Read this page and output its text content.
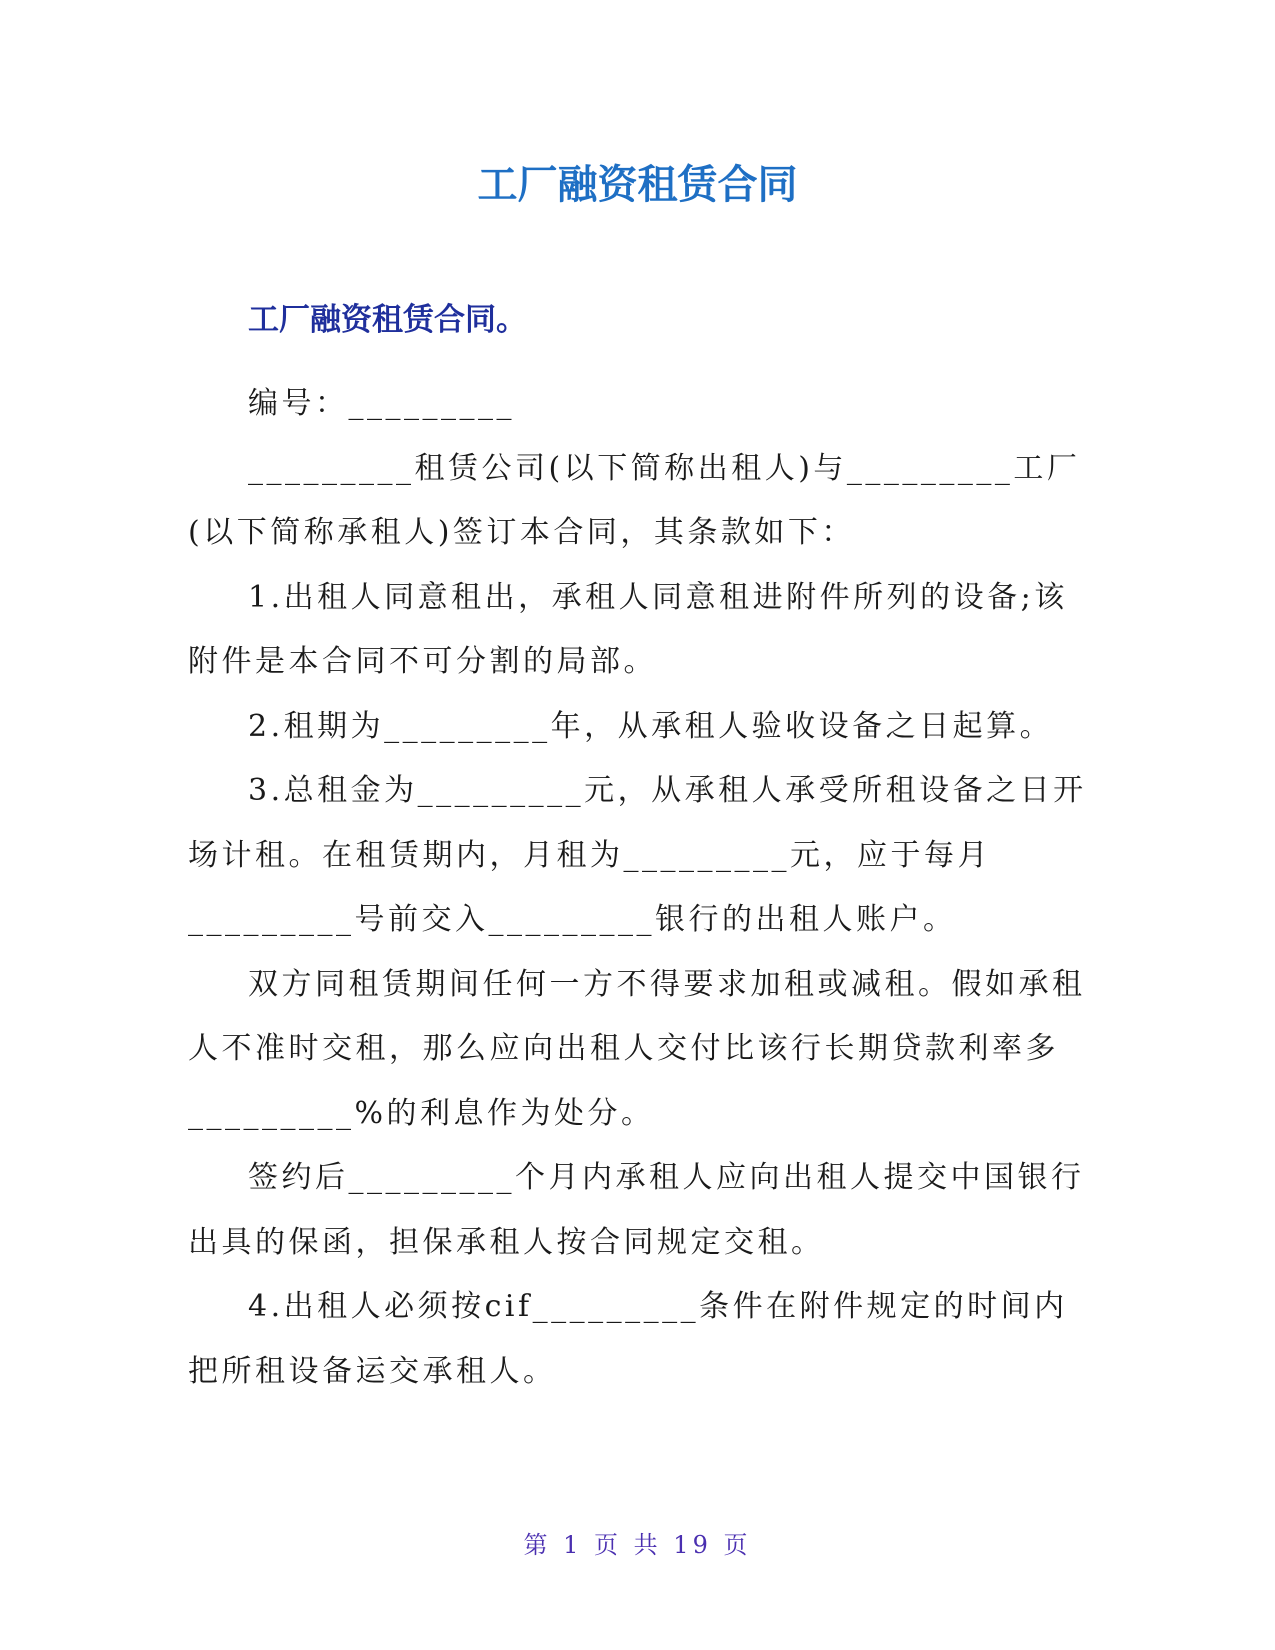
工厂融资租赁合同
工厂融资租赁合同。

编号：_________

_________租赁公司(以下简称出租人)与_________工厂(以下简称承租人)签订本合同，其条款如下：

1.出租人同意租出，承租人同意租进附件所列的设备;该附件是本合同不可分割的局部。

2.租期为_________年，从承租人验收设备之日起算。

3.总租金为_________元，从承租人承受所租设备之日开场计租。在租赁期内，月租为_________元，应于每月_________号前交入_________银行的出租人账户。

双方同租赁期间任何一方不得要求加租或减租。假如承租人不准时交租，那么应向出租人交付比该行长期贷款利率多_________%的利息作为处分。

签约后_________个月内承租人应向出租人提交中国银行出具的保函，担保承租人按合同规定交租。

4.出租人必须按cif_________条件在附件规定的时间内把所租设备运交承租人。

第 1 页 共 19 页
